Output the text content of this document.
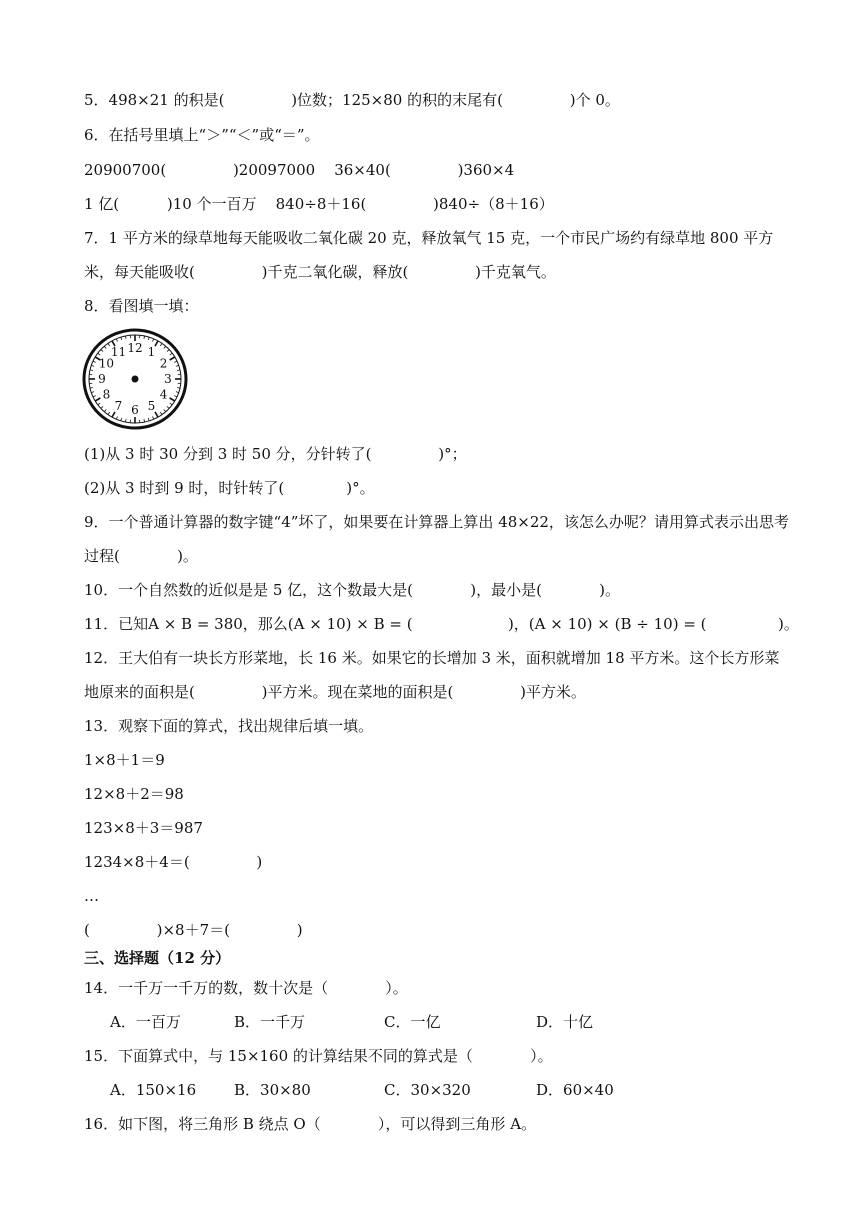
5．498×21 的积是(              )位数；125×80 的积的末尾有(              )个 0。
6．在括号里填上“＞”“＜”或“＝”。
20900700(              )20097000    36×40(              )360×4
1 亿(          )10 个一百万    840÷8＋16(              )840÷（8＋16）
7．1 平方米的绿草地每天能吸收二氧化碳 20 克，释放氧气 15 克，一个市民广场约有绿草地 800 平方
米，每天能吸收(              )千克二氧化碳，释放(              )千克氧气。
8．看图填一填：
12 1
2
3
4
5
6
7
8
9
10
11
(1)从 3 时 30 分到 3 时 50 分，分针转了(              )°；
(2)从 3 时到 9 时，时针转了(             )°。
9．一个普通计算器的数字键“4”坏了，如果要在计算器上算出 48×22，该怎么办呢？请用算式表示出思考
过程(            )。
10．一个自然数的近似是是 5 亿，这个数最大是(            )，最小是(            )。
11．已知A × B = 380，那么(A × 10) × B = (                    )，(A × 10) × (B ÷ 10) = (               )。
12．王大伯有一块长方形菜地，长 16 米。如果它的长增加 3 米，面积就增加 18 平方米。这个长方形菜
地原来的面积是(              )平方米。现在菜地的面积是(              )平方米。
13．观察下面的算式，找出规律后填一填。
1×8＋1＝9
12×8＋2＝98
123×8＋3＝987
1234×8＋4＝(              )
…
(              )×8＋7＝(              )
三、选择题（12 分）
14．一千万一千万的数，数十次是（            ）。
A．一百万	B．一千万	C．一亿	D．十亿
15．下面算式中，与 15×160 的计算结果不同的算式是（            ）。
A．150×16	B．30×80	C．30×320	D．60×40
16．如下图，将三角形 B 绕点 O（            ），可以得到三角形 A。
